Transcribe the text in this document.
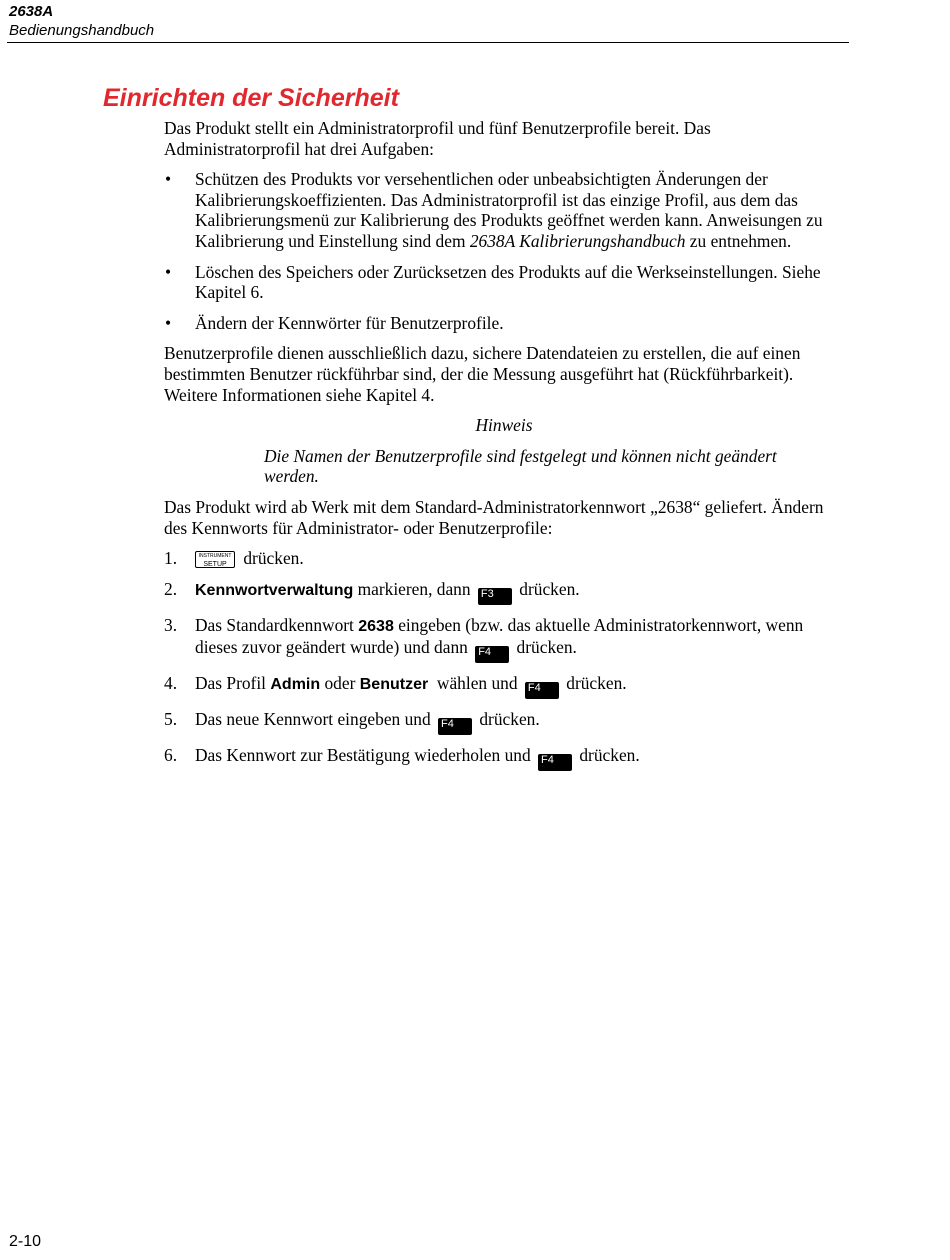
2638A
Bedienungshandbuch
Einrichten der Sicherheit

Das Produkt stellt ein Administratorprofil und fünf Benutzerprofile bereit. Das Administratorprofil hat drei Aufgaben:

• Schützen des Produkts vor versehentlichen oder unbeabsichtigten Änderungen der Kalibrierungskoeffizienten. Das Administratorprofil ist das einzige Profil, aus dem das Kalibrierungsmenü zur Kalibrierung des Produkts geöffnet werden kann. Anweisungen zu Kalibrierung und Einstellung sind dem 2638A Kalibrierungshandbuch zu entnehmen.
• Löschen des Speichers oder Zurücksetzen des Produkts auf die Werkseinstellungen. Siehe Kapitel 6.
• Ändern der Kennwörter für Benutzerprofile.

Benutzerprofile dienen ausschließlich dazu, sichere Datendateien zu erstellen, die auf einen bestimmten Benutzer rückführbar sind, der die Messung ausgeführt hat (Rückführbarkeit). Weitere Informationen siehe Kapitel 4.

Hinweis

Die Namen der Benutzerprofile sind festgelegt und können nicht geändert werden.

Das Produkt wird ab Werk mit dem Standard-Administratorkennwort „2638“ geliefert. Ändern des Kennworts für Administrator- oder Benutzerprofile:

1.	INSTRUMENT
SETUP drücken.
2. Kennwortverwaltung markieren, dann F3 drücken.
3. Das Standardkennwort 2638 eingeben (bzw. das aktuelle Administratorkennwort, wenn dieses zuvor geändert wurde) und dann F4 drücken.
4. Das Profil Admin oder Benutzer  wählen und F4 drücken.
5. Das neue Kennwort eingeben und F4 drücken.
6. Das Kennwort zur Bestätigung wiederholen und F4 drücken.
2-10
